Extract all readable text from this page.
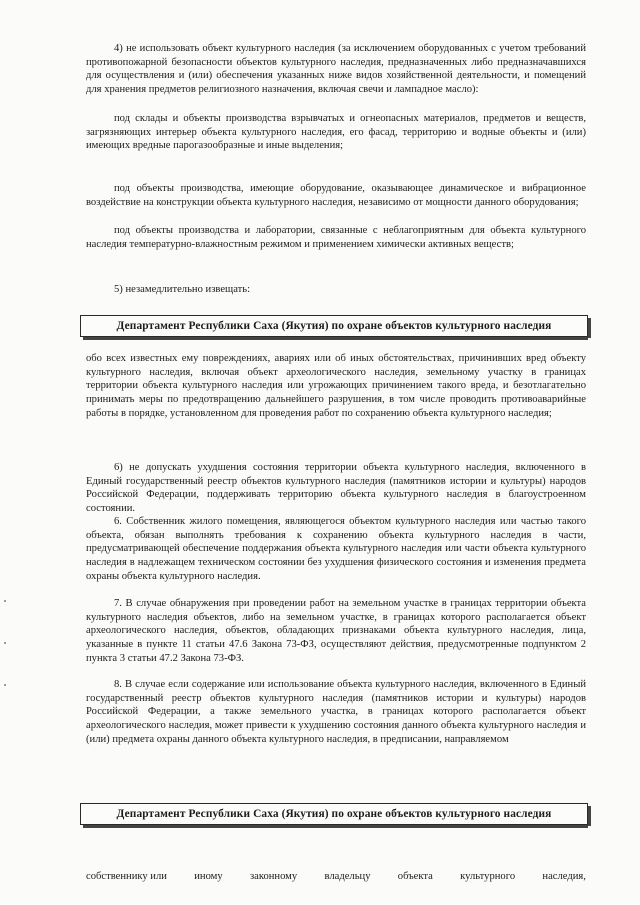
4) не использовать объект культурного наследия (за исключением оборудованных с учетом требований противопожарной безопасности объектов культурного наследия, предназначенных либо предназначавшихся для осуществления и (или) обеспечения указанных ниже видов хозяйственной деятельности, и помещений для хранения предметов религиозного назначения, включая свечи и лампадное масло):

под склады и объекты производства взрывчатых и огнеопасных материалов, предметов и веществ, загрязняющих интерьер объекта культурного наследия, его фасад, территорию и водные объекты и (или) имеющих вредные парогазообразные и иные выделения;

под объекты производства, имеющие оборудование, оказывающее динамическое и вибрационное воздействие на конструкции объекта культурного наследия, независимо от мощности данного оборудования;

под объекты производства и лаборатории, связанные с неблагоприятным для объекта культурного наследия температурно-влажностным режимом и применением химически активных веществ;

5) незамедлительно извещать:

Департамент Республики Саха (Якутия) по охране объектов культурного наследия

обо всех известных ему повреждениях, авариях или об иных обстоятельствах, причинивших вред объекту культурного наследия, включая объект археологического наследия, земельному участку в границах территории объекта культурного наследия или угрожающих причинением такого вреда, и безотлагательно принимать меры по предотвращению дальнейшего разрушения, в том числе проводить противоаварийные работы в порядке, установленном для проведения работ по сохранению объекта культурного наследия;

6) не допускать ухудшения состояния территории объекта культурного наследия, включенного в Единый государственный реестр объектов культурного наследия (памятников истории и культуры) народов Российской Федерации, поддерживать территорию объекта культурного наследия в благоустроенном состоянии.

6. Собственник жилого помещения, являющегося объектом культурного наследия или частью такого объекта, обязан выполнять требования к сохранению объекта культурного наследия в части, предусматривающей обеспечение поддержания объекта культурного наследия или части объекта культурного наследия в надлежащем техническом состоянии без ухудшения физического состояния и изменения предмета охраны объекта культурного наследия.

7. В случае обнаружения при проведении работ на земельном участке в границах территории объекта культурного наследия объектов, либо на земельном участке, в границах которого располагается объект археологического наследия, объектов, обладающих признаками объекта культурного наследия, лица, указанные в пункте 11 статьи 47.6 Закона 73-ФЗ, осуществляют действия, предусмотренные подпунктом 2 пункта 3 статьи 47.2 Закона 73-ФЗ.

8. В случае если содержание или использование объекта культурного наследия, включенного в Единый государственный реестр объектов культурного наследия (памятников истории и культуры) народов Российской Федерации, а также земельного участка, в границах которого располагается объект археологического наследия, может привести к ухудшению состояния данного объекта культурного наследия и (или) предмета охраны данного объекта культурного наследия, в предписании, направляемом

Департамент Республики Саха (Якутия) по охране объектов культурного наследия
собственнику или	иному	законному	владельцу	объекта	культурного	наследия,
